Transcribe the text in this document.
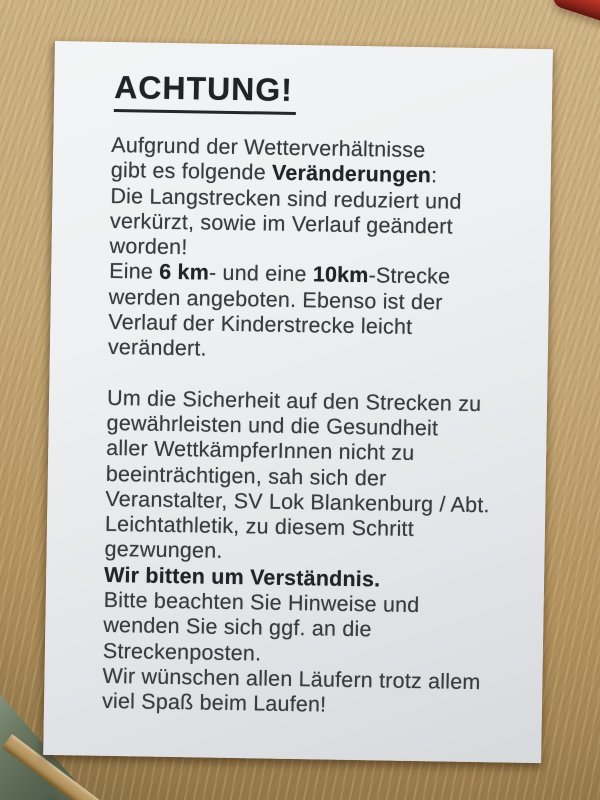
ACHTUNG!
Aufgrund der Wetterverhältnisse
gibt es folgende Veränderungen:
Die Langstrecken sind reduziert und
verkürzt, sowie im Verlauf geändert
worden!
Eine 6 km- und eine 10km-Strecke
werden angeboten. Ebenso ist der
Verlauf der Kinderstrecke leicht
verändert.
Um die Sicherheit auf den Strecken zu
gewährleisten und die Gesundheit
aller WettkämpferInnen nicht zu
beeinträchtigen, sah sich der
Veranstalter, SV Lok Blankenburg / Abt.
Leichtathletik, zu diesem Schritt
gezwungen.
Wir bitten um Verständnis.
Bitte beachten Sie Hinweise und
wenden Sie sich ggf. an die
Streckenposten.
Wir wünschen allen Läufern trotz allem
viel Spaß beim Laufen!
